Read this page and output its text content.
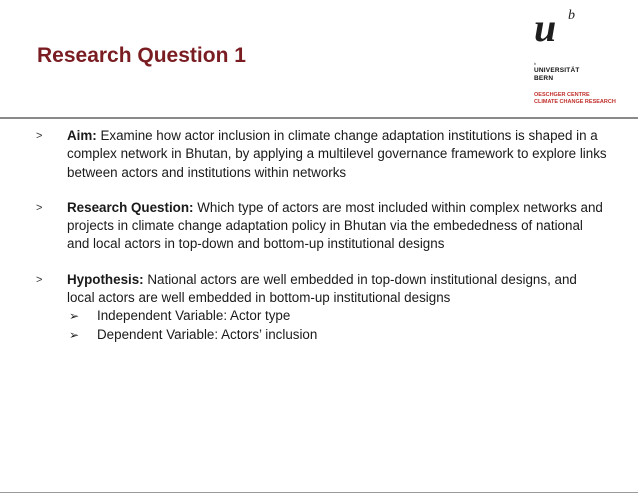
Research Question 1
u b
b
UNIVERSITÄT
BERN
OESCHGER CENTRE
CLIMATE CHANGE RESEARCH
> Aim: Examine how actor inclusion in climate change adaptation institutions is shaped in a complex network in Bhutan, by applying a multilevel governance framework to explore links between actors and institutions within networks
> Research Question: Which type of actors are most included within complex networks and projects in climate change adaptation policy in Bhutan via the embededness of national and local actors in top-down and bottom-up institutional designs
> Hypothesis: National actors are well embedded in top-down institutional designs, and local actors are well embedded in bottom-up institutional designs
➢ Independent Variable: Actor type
➢ Dependent Variable: Actors’ inclusion
